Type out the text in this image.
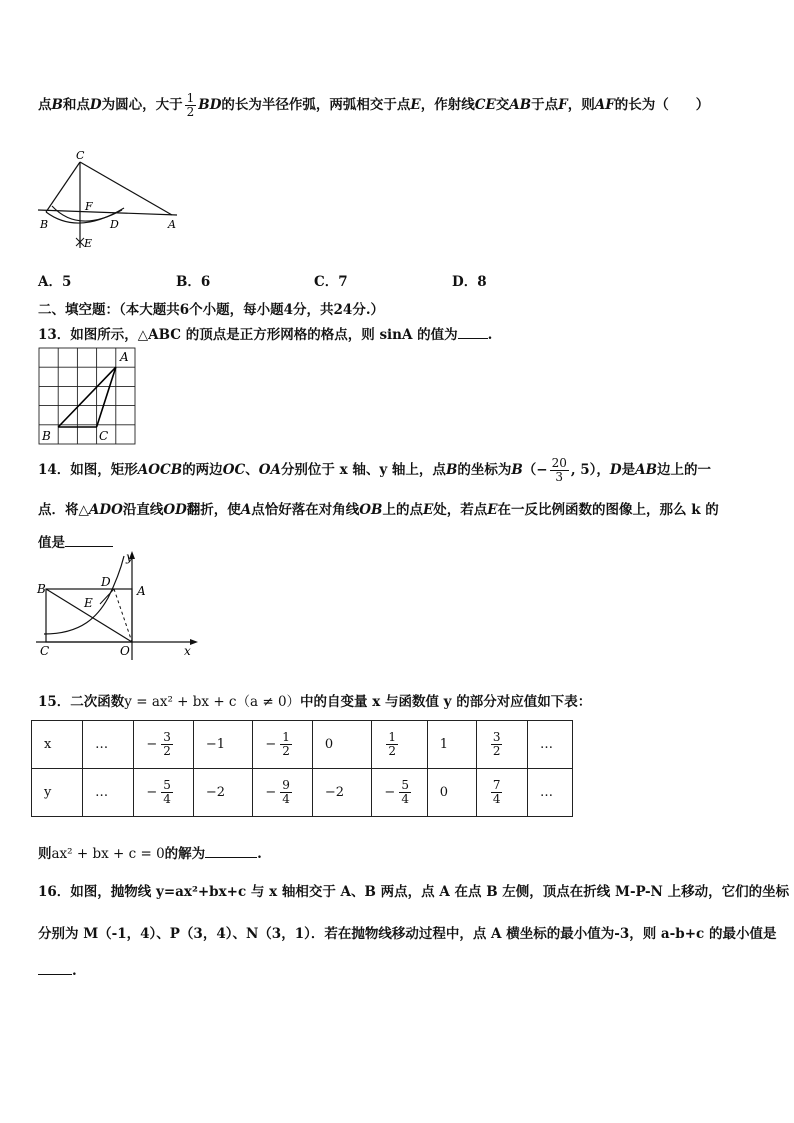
点B和点D为圆心，大于 $\frac{1}{2}$ BD的长为半径作弧，两弧相交于点E，作射线CE交AB于点F，则AF的长为（　　）
C
F
B	D	A
E
A．5	B．6	C．7	D．8
二、填空题：（本大题共6个小题，每小题4分，共24分.）
13．如图所示，△ABC 的顶点是正方形网格的格点，则 sinA 的值为 .
A
B	C
14．如图，矩形AOCB的两边OC、OA分别位于 x 轴、y 轴上，点B的坐标为$B(- \frac{20}{3}$ , 5），D是AB边上的一
点．将△ADO沿直线OD翻折，使A点恰好落在对角线OB上的点E处，若点E在一反比例函数的图像上，那么 k 的
值是
y
B	D
A
E
C	O	x
15．二次函数y = ax² + bx + c（a ≠ 0）中的自变量 x 与函数值 y 的部分对应值如下表：
x	…	− $\frac{3}{2}$	−1	− $\frac{1}{2}$	0	$\frac{1}{2}$	1	$\frac{3}{2}$	…
y	…	− $\frac{5}{4}$	−2	− $\frac{9}{4}$	−2	− $\frac{5}{4}$	0	$\frac{7}{4}$	…
则ax² + bx + c = 0的解为	.
16．如图，抛物线 y=ax²+bx+c 与 x 轴相交于 A、B 两点，点 A 在点 B 左侧，顶点在折线 M-P-N 上移动，它们的坐标
分别为 M（-1，4）、P（3，4）、N（3，1）．若在抛物线移动过程中，点 A 横坐标的最小值为-3，则 a-b+c 的最小值是
.
